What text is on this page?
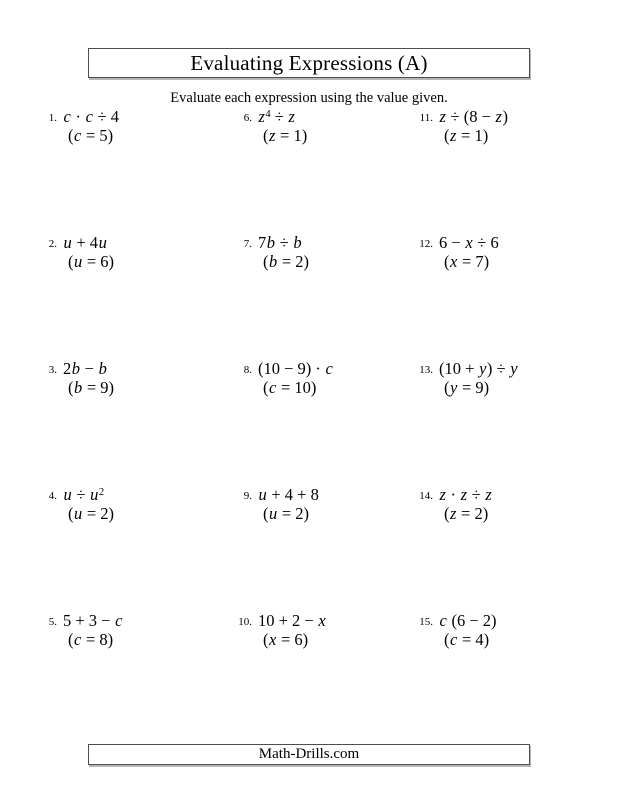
Evaluating Expressions (A)
Evaluate each expression using the value given.
1. c · c ÷ 4
(c = 5)
2. u + 4u
(u = 6)
3. 2b − b
(b = 9)
4. $u \div u^2$
(u = 2)
5. 5 + 3 − c
(c = 8)
6. $z^4 \div z$
(z = 1)
7. 7b ÷ b
(b = 2)
8. (10 − 9) · c
(c = 10)
9. u + 4 + 8
(u = 2)
10. 10 + 2 − x
(x = 6)
11. z ÷ (8 − z)
(z = 1)
12. 6 − x ÷ 6
(x = 7)
13. (10 + y) ÷ y
(y = 9)
14. z · z ÷ z
(z = 2)
15. c (6 − 2)
(c = 4)
Math-Drills.com
